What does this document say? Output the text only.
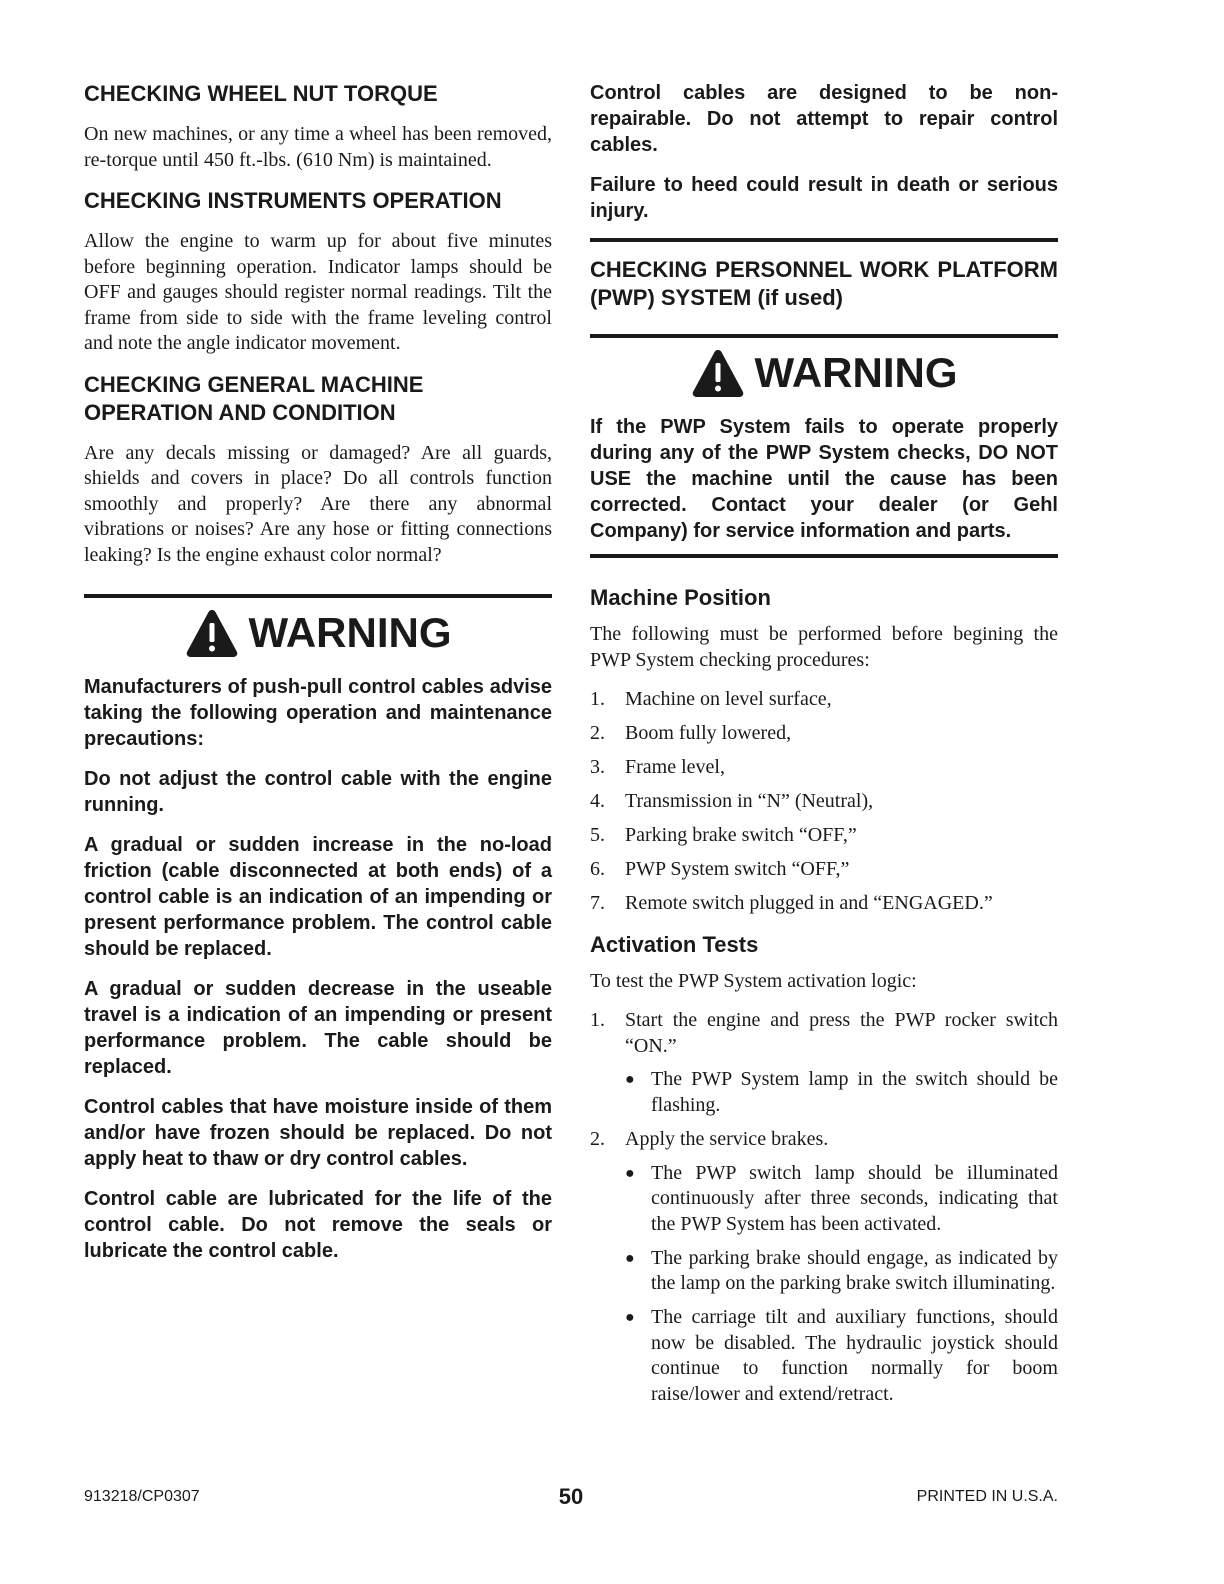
CHECKING WHEEL NUT TORQUE

On new machines, or any time a wheel has been removed, re-torque until 450 ft.-lbs. (610 Nm) is maintained.

CHECKING INSTRUMENTS OPERATION

Allow the engine to warm up for about five minutes before beginning operation. Indicator lamps should be OFF and gauges should register normal readings. Tilt the frame from side to side with the frame leveling control and note the angle indicator movement.

CHECKING GENERAL MACHINE OPERATION AND CONDITION

Are any decals missing or damaged? Are all guards, shields and covers in place? Do all controls function smoothly and properly? Are there any abnormal vibrations or noises? Are any hose or fitting connections leaking? Is the engine exhaust color normal?

WARNING

Manufacturers of push-pull control cables advise taking the following operation and maintenance precautions:

Do not adjust the control cable with the engine running.

A gradual or sudden increase in the no-load friction (cable disconnected at both ends) of a control cable is an indication of an impending or present performance problem. The control cable should be replaced.

A gradual or sudden decrease in the useable travel is a indication of an impending or present performance problem. The cable should be replaced.

Control cables that have moisture inside of them and/or have frozen should be replaced. Do not apply heat to thaw or dry control cables.

Control cable are lubricated for the life of the control cable. Do not remove the seals or lubricate the control cable.

Control cables are designed to be non-repairable. Do not attempt to repair control cables.

Failure to heed could result in death or serious injury.

CHECKING PERSONNEL WORK PLATFORM (PWP) SYSTEM (if used)
WARNING

If the PWP System fails to operate properly during any of the PWP System checks, DO NOT USE the machine until the cause has been corrected. Contact your dealer (or Gehl Company) for service information and parts.

Machine Position

The following must be performed before begining the PWP System checking procedures:

1.	Machine on level surface,
2.	Boom fully lowered,
3.	Frame level,
4.	Transmission in “N” (Neutral),
5.	Parking brake switch “OFF,”
6.	PWP System switch “OFF,”
7.	Remote switch plugged in and “ENGAGED.”
Activation Tests

To test the PWP System activation logic:

1.	Start the engine and press the PWP rocker switch “ON.”
● The PWP System lamp in the switch should be flashing.
2.	Apply the service brakes.
● The PWP switch lamp should be illuminated continuously after three seconds, indicating that the PWP System has been activated.
● The parking brake should engage, as indicated by the lamp on the parking brake switch illuminating.
● The carriage tilt and auxiliary functions, should now be disabled. The hydraulic joystick should continue to function normally for boom raise/lower and extend/retract.
913218/CP0307	50	PRINTED IN U.S.A.
